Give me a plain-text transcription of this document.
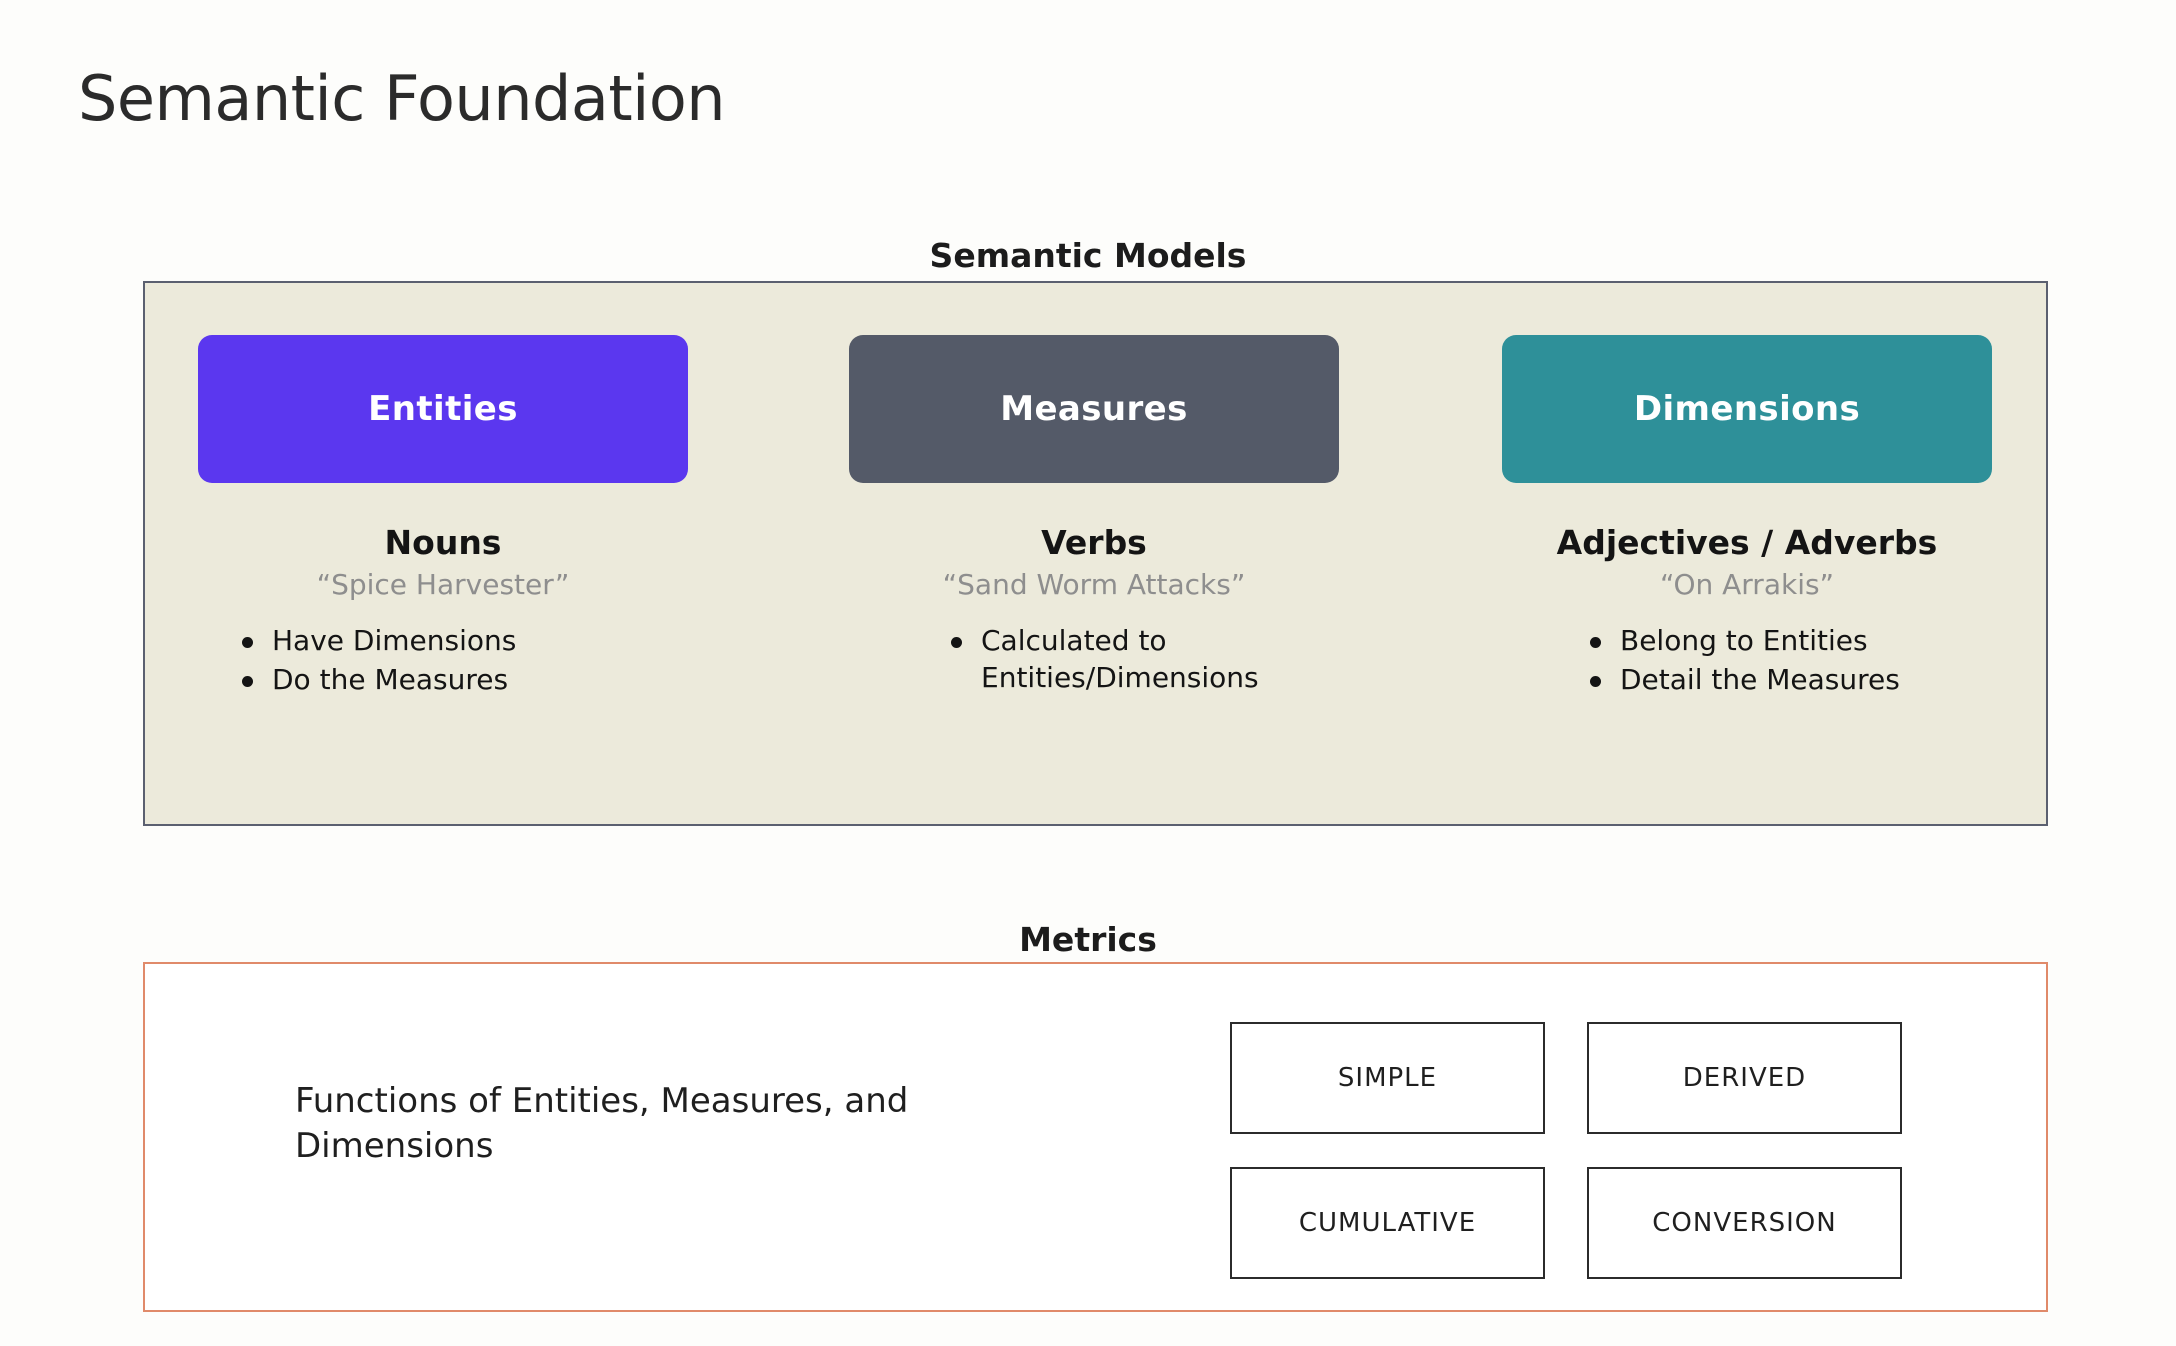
Semantic Foundation
Semantic Models
Entities
Nouns
“Spice Harvester”
Have Dimensions
Do the Measures
Measures
Verbs
“Sand Worm Attacks”
Calculated to Entities/Dimensions
Dimensions
Adjectives / Adverbs
“On Arrakis”
Belong to Entities
Detail the Measures
Metrics
Functions of Entities, Measures, and Dimensions
SIMPLE	DERIVED
CUMULATIVE	CONVERSION
